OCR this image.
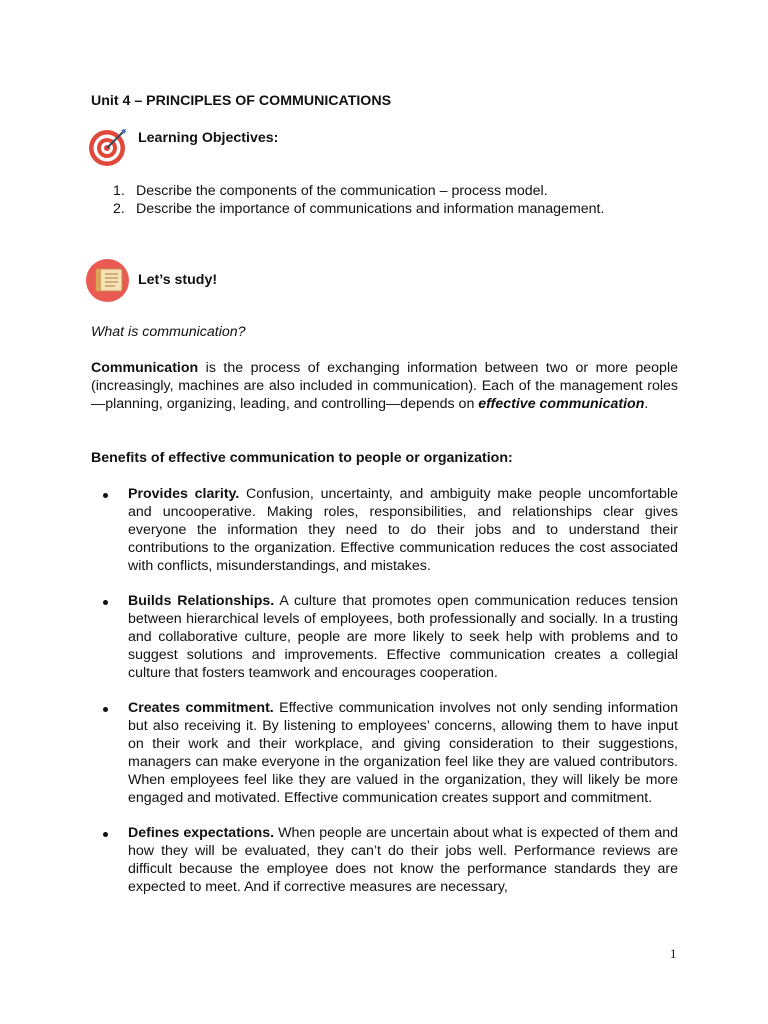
Unit 4 – PRINCIPLES OF COMMUNICATIONS
Learning Objectives:
1. Describe the components of the communication – process model.
2. Describe the importance of communications and information management.
Let’s study!
What is communication?
Communication is the process of exchanging information between two or more people (increasingly, machines are also included in communication). Each of the management roles—planning, organizing, leading, and controlling—depends on effective communication.
Benefits of effective communication to people or organization:
Provides clarity. Confusion, uncertainty, and ambiguity make people uncomfortable and uncooperative. Making roles, responsibilities, and relationships clear gives everyone the information they need to do their jobs and to understand their contributions to the organization. Effective communication reduces the cost associated with conflicts, misunderstandings, and mistakes.
Builds Relationships. A culture that promotes open communication reduces tension between hierarchical levels of employees, both professionally and socially. In a trusting and collaborative culture, people are more likely to seek help with problems and to suggest solutions and improvements. Effective communication creates a collegial culture that fosters teamwork and encourages cooperation.
Creates commitment. Effective communication involves not only sending information but also receiving it. By listening to employees’ concerns, allowing them to have input on their work and their workplace, and giving consideration to their suggestions, managers can make everyone in the organization feel like they are valued contributors. When employees feel like they are valued in the organization, they will likely be more engaged and motivated. Effective communication creates support and commitment.
Defines expectations. When people are uncertain about what is expected of them and how they will be evaluated, they can’t do their jobs well. Performance reviews are difficult because the employee does not know the performance standards they are expected to meet. And if corrective measures are necessary,
1
